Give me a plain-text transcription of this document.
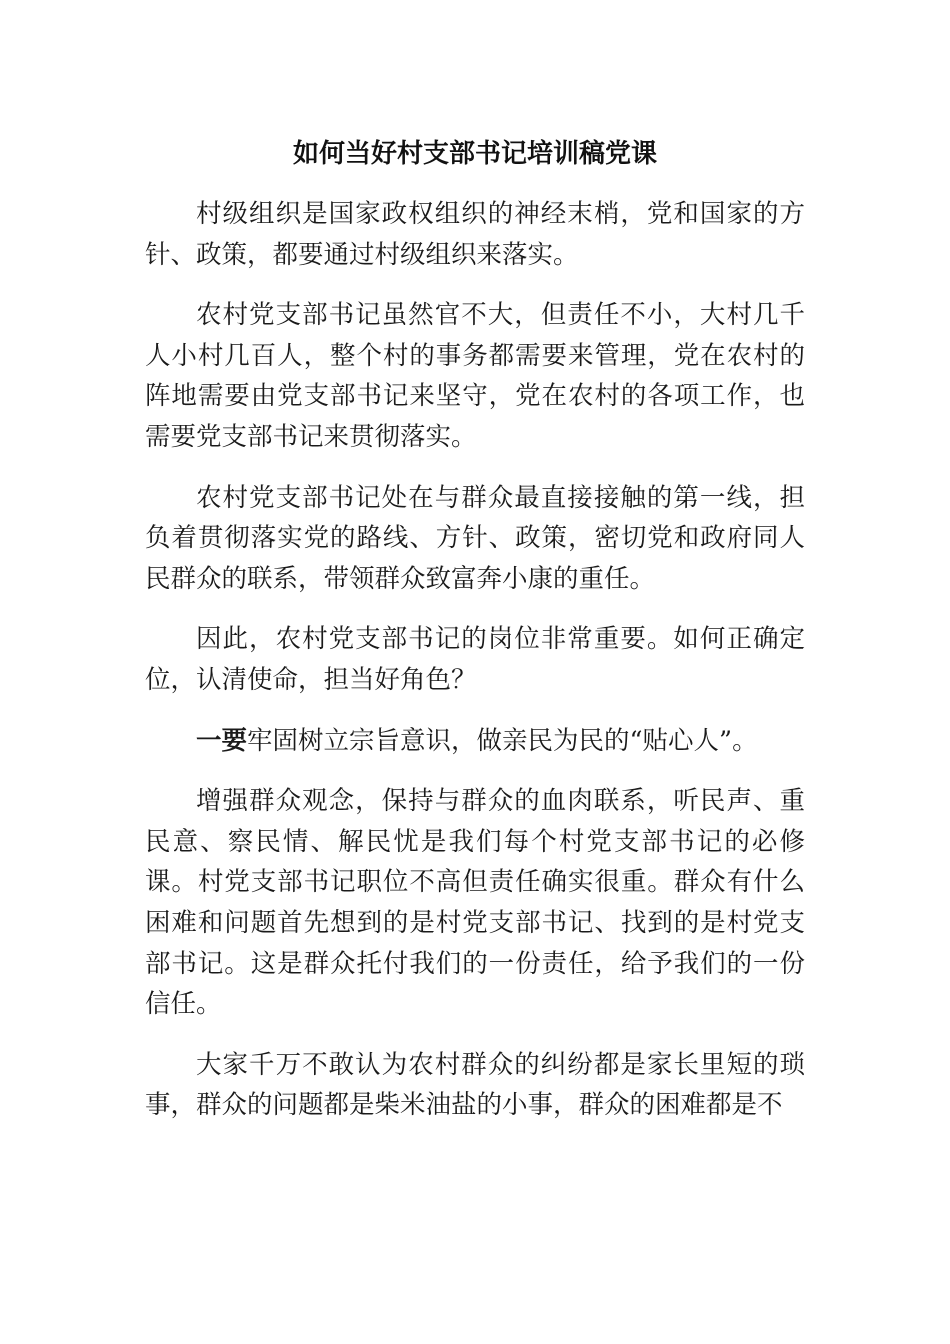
如何当好村支部书记培训稿党课

村级组织是国家政权组织的神经末梢，党和国家的方针、政策，都要通过村级组织来落实。

农村党支部书记虽然官不大，但责任不小，大村几千人小村几百人，整个村的事务都需要来管理，党在农村的阵地需要由党支部书记来坚守，党在农村的各项工作，也需要党支部书记来贯彻落实。

农村党支部书记处在与群众最直接接触的第一线，担负着贯彻落实党的路线、方针、政策，密切党和政府同人民群众的联系，带领群众致富奔小康的重任。

因此，农村党支部书记的岗位非常重要。如何正确定位，认清使命，担当好角色？

一要牢固树立宗旨意识，做亲民为民的“贴心人”。

增强群众观念，保持与群众的血肉联系，听民声、重民意、察民情、解民忧是我们每个村党支部书记的必修课。村党支部书记职位不高但责任确实很重。群众有什么困难和问题首先想到的是村党支部书记、找到的是村党支部书记。这是群众托付我们的一份责任，给予我们的一份信任。

大家千万不敢认为农村群众的纠纷都是家长里短的琐事，群众的问题都是柴米油盐的小事，群众的困难都是不
